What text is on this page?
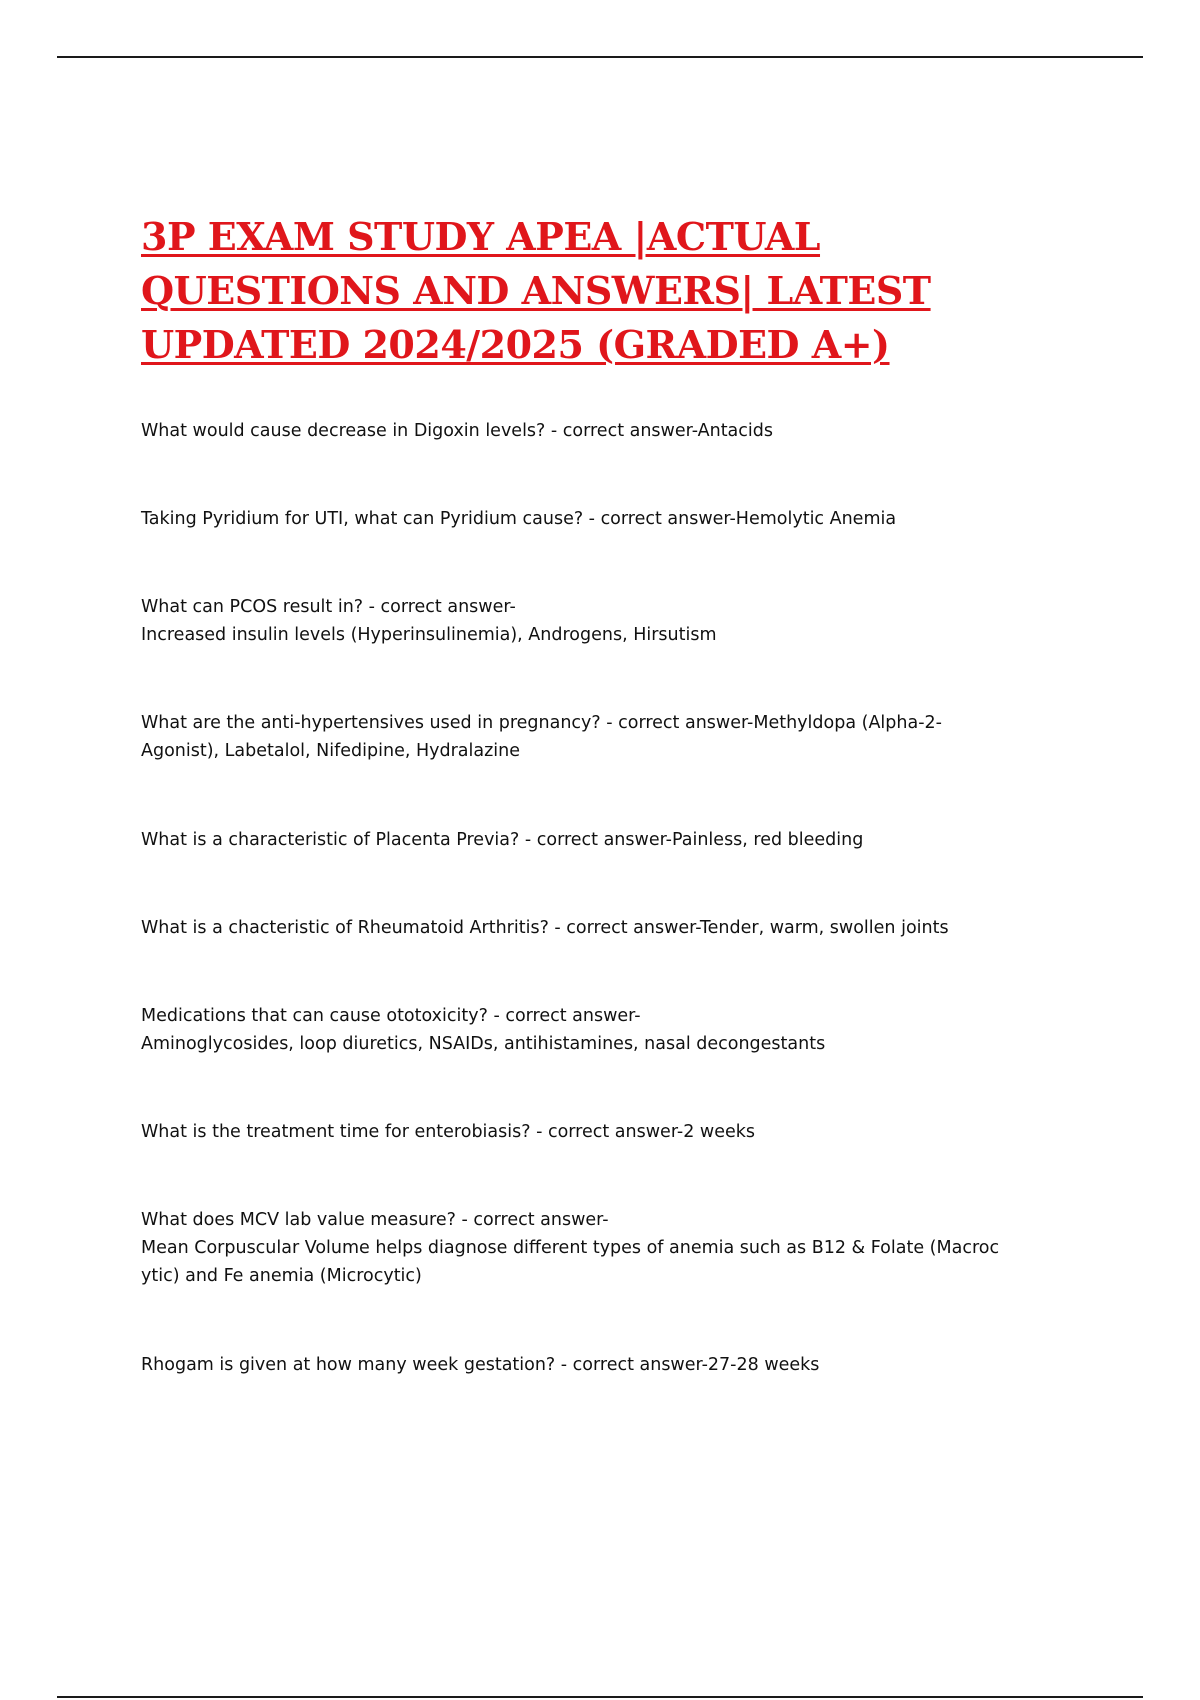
3P EXAM STUDY APEA |ACTUAL QUESTIONS AND ANSWERS| LATEST UPDATED 2024/2025 (GRADED A+)
What would cause decrease in Digoxin levels? - correct answer-Antacids
Taking Pyridium for UTI, what can Pyridium cause? - correct answer-Hemolytic Anemia
What can PCOS result in? - correct answer-
Increased insulin levels (Hyperinsulinemia), Androgens, Hirsutism
What are the anti-hypertensives used in pregnancy? - correct answer-Methyldopa (Alpha-2-
Agonist), Labetalol, Nifedipine, Hydralazine
What is a characteristic of Placenta Previa? - correct answer-Painless, red bleeding
What is a chacteristic of Rheumatoid Arthritis? - correct answer-Tender, warm, swollen joints
Medications that can cause ototoxicity? - correct answer-
Aminoglycosides, loop diuretics, NSAIDs, antihistamines, nasal decongestants
What is the treatment time for enterobiasis? - correct answer-2 weeks
What does MCV lab value measure? - correct answer-
Mean Corpuscular Volume helps diagnose different types of anemia such as B12 & Folate (Macroc
ytic) and Fe anemia (Microcytic)
Rhogam is given at how many week gestation? - correct answer-27-28 weeks
